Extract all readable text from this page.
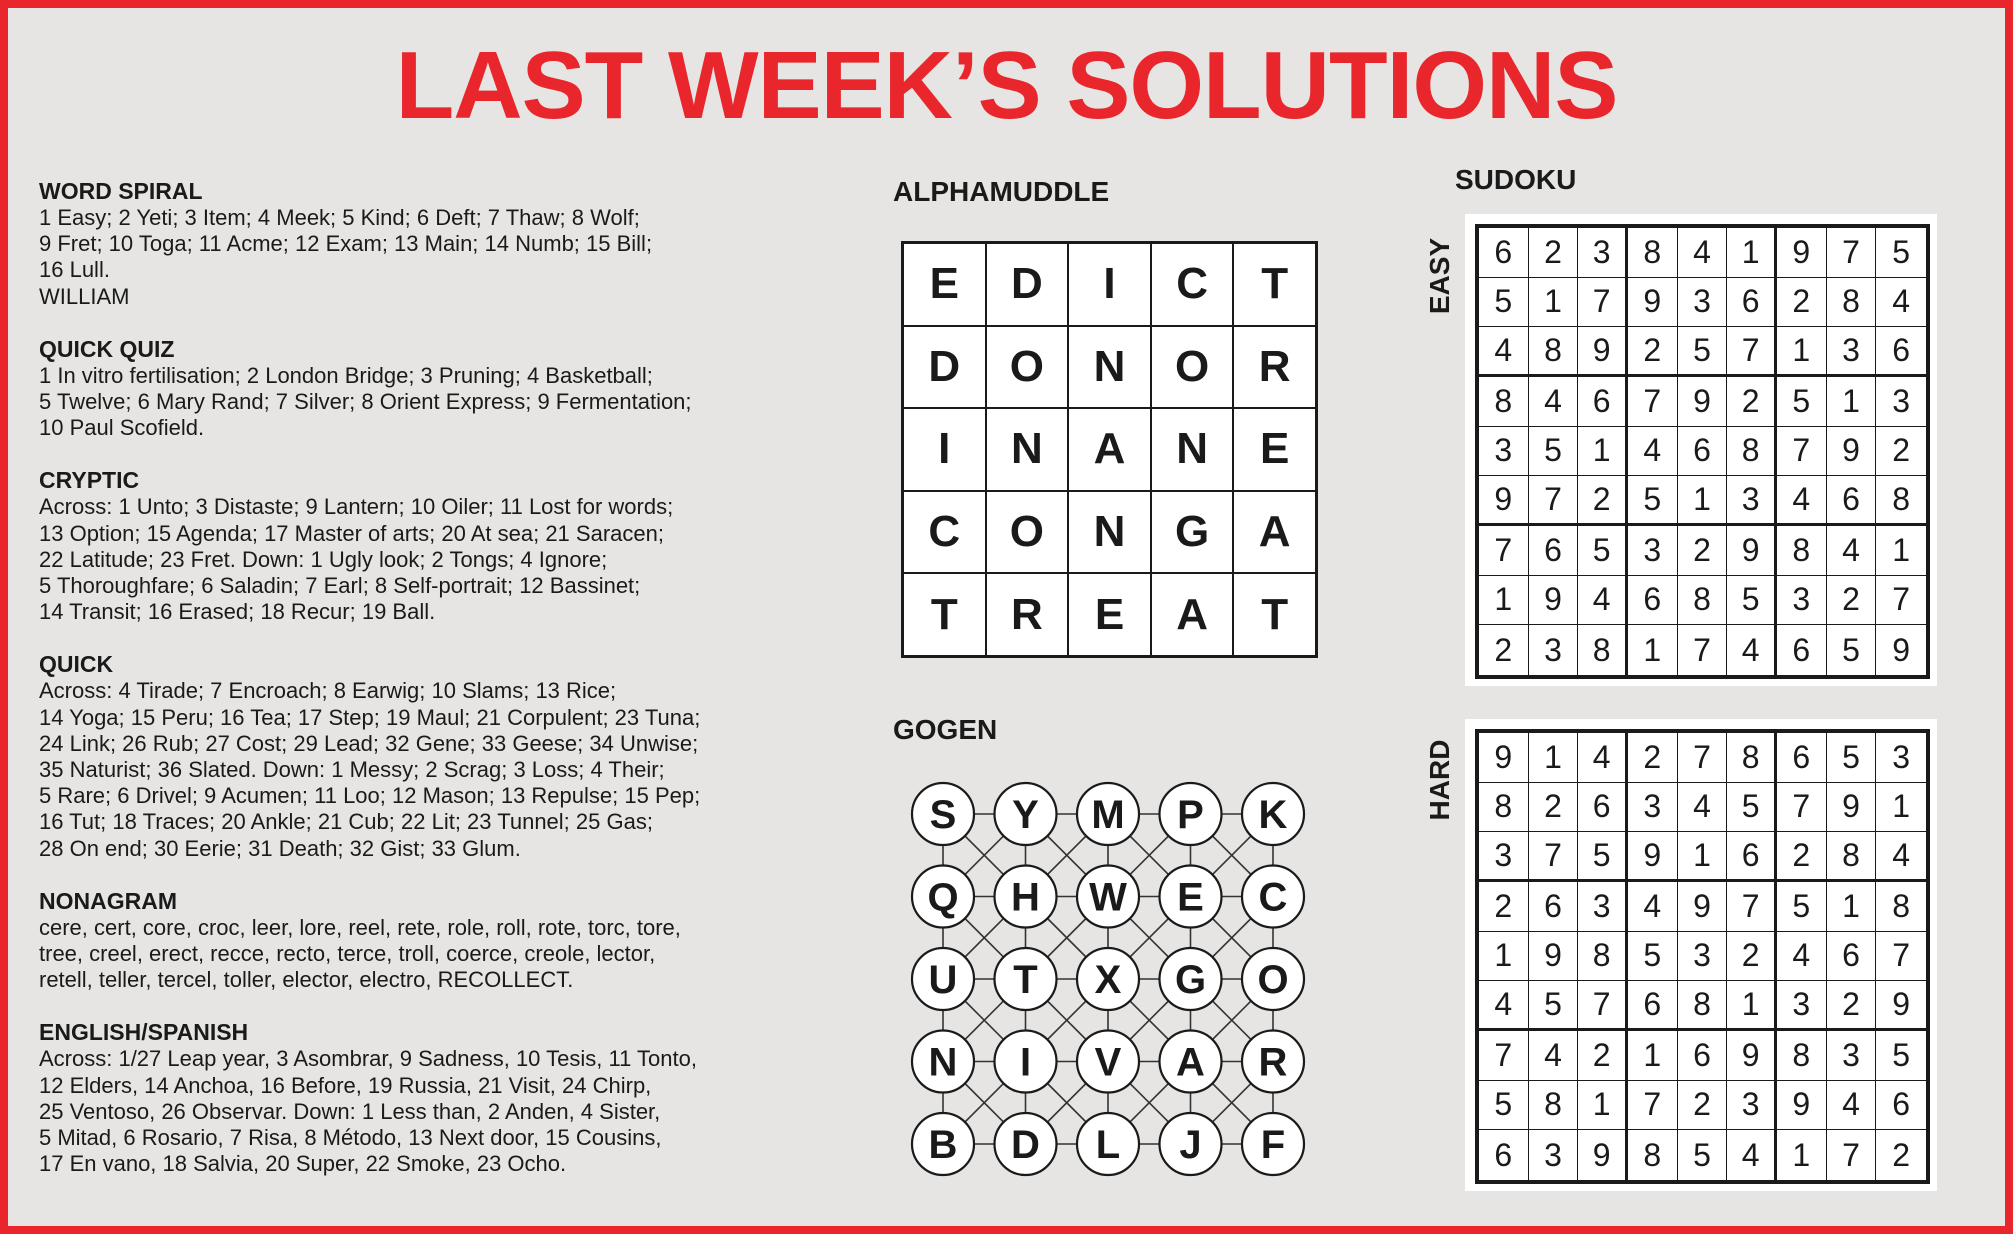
LAST WEEK’S SOLUTIONS
WORD SPIRAL
1 Easy; 2 Yeti; 3 Item; 4 Meek; 5 Kind; 6 Deft; 7 Thaw; 8 Wolf;
9 Fret; 10 Toga; 11 Acme; 12 Exam; 13 Main; 14 Numb; 15 Bill;
16 Lull.
WILLIAM
QUICK QUIZ
1 In vitro fertilisation; 2 London Bridge; 3 Pruning; 4 Basketball;
5 Twelve; 6 Mary Rand; 7 Silver; 8 Orient Express; 9 Fermentation;
10 Paul Scofield.
CRYPTIC
Across: 1 Unto; 3 Distaste; 9 Lantern; 10 Oiler; 11 Lost for words;
13 Option; 15 Agenda; 17 Master of arts; 20 At sea; 21 Saracen;
22 Latitude; 23 Fret. Down: 1 Ugly look; 2 Tongs; 4 Ignore;
5 Thoroughfare; 6 Saladin; 7 Earl; 8 Self-portrait; 12 Bassinet;
14 Transit; 16 Erased; 18 Recur; 19 Ball.
QUICK
Across: 4 Tirade; 7 Encroach; 8 Earwig; 10 Slams; 13 Rice;
14 Yoga; 15 Peru; 16 Tea; 17 Step; 19 Maul; 21 Corpulent; 23 Tuna;
24 Link; 26 Rub; 27 Cost; 29 Lead; 32 Gene; 33 Geese; 34 Unwise;
35 Naturist; 36 Slated. Down: 1 Messy; 2 Scrag; 3 Loss; 4 Their;
5 Rare; 6 Drivel; 9 Acumen; 11 Loo; 12 Mason; 13 Repulse; 15 Pep;
16 Tut; 18 Traces; 20 Ankle; 21 Cub; 22 Lit; 23 Tunnel; 25 Gas;
28 On end; 30 Eerie; 31 Death; 32 Gist; 33 Glum.
NONAGRAM
cere, cert, core, croc, leer, lore, reel, rete, role, roll, rote, torc, tore,
tree, creel, erect, recce, recto, terce, troll, coerce, creole, lector,
retell, teller, tercel, toller, elector, electro, RECOLLECT.
ENGLISH/SPANISH
Across: 1/27 Leap year, 3 Asombrar, 9 Sadness, 10 Tesis, 11 Tonto,
12 Elders, 14 Anchoa, 16 Before, 19 Russia, 21 Visit, 24 Chirp,
25 Ventoso, 26 Observar. Down: 1 Less than, 2 Anden, 4 Sister,
5 Mitad, 6 Rosario, 7 Risa, 8 Método, 13 Next door, 15 Cousins,
17 En vano, 18 Salvia, 20 Super, 22 Smoke, 23 Ocho.
ALPHAMUDDLE
E	D	I	C	T
D	O	N	O	R
I	N	A	N	E
C	O	N	G	A
T	R	E	A	T
GOGEN
S Y M P K
Q H W E C
U T X G O
N I V A R
B D L J F
SUDOKU
EASY	6 2 3	8 4 1	9 7	5
5 1 7	9 3 6	2 8	4
4 8 9	2 5 7	1 3	6
8 4 6	7 9 2	5 1	3
3 5 1	4 6 8	7 9	2
9 7 2	5 1 3	4 6	8
7 6 5	3 2 9	8 4	1
1 9 4	6 8 5	3 2	7
2 3 8	1 7 4	6 5	9
HARD	9 1 4	2 7 8	6 5	3
8 2 6	3 4 5	7 9	1
3 7 5	9 1 6	2 8	4
2 6 3	4 9 7	5 1	8
1 9 8	5 3 2	4 6	7
4 5 7	6 8 1	3 2	9
7 4 2	1 6 9	8 3	5
5 8 1	7 2 3	9 4	6
6 3 9	8 5 4	1 7	2
